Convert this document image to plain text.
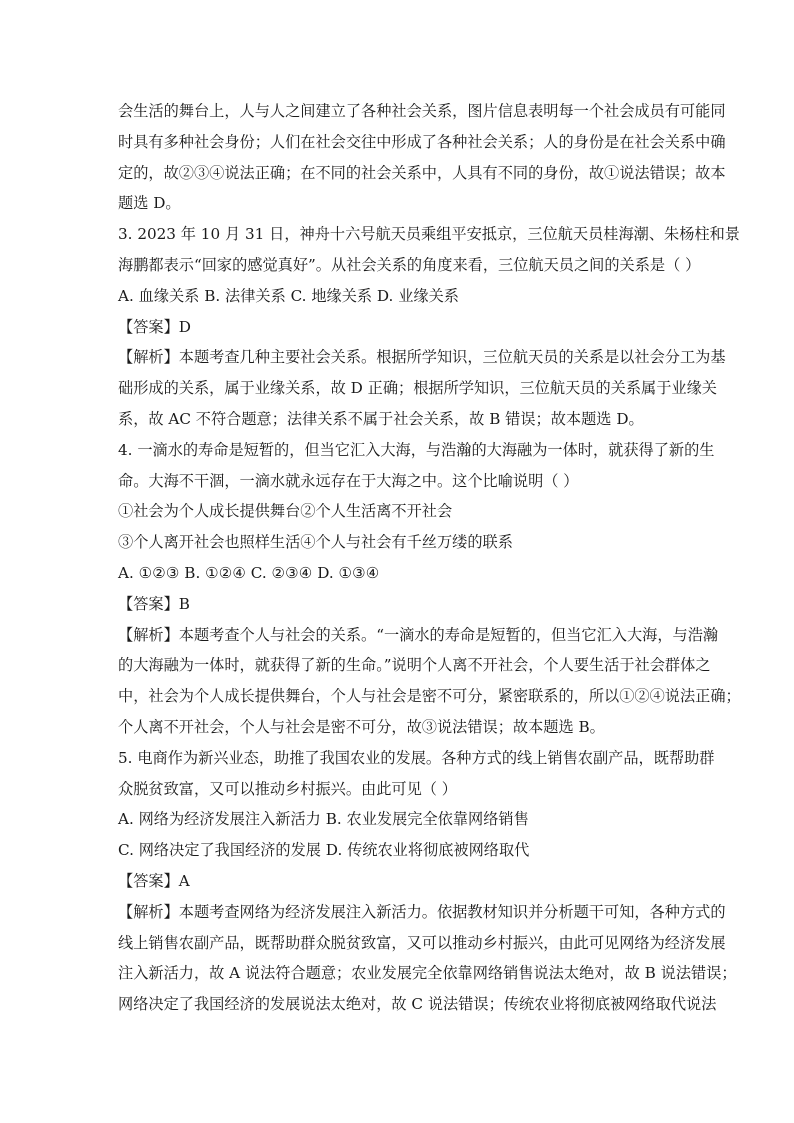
会生活的舞台上，人与人之间建立了各种社会关系，图片信息表明每一个社会成员有可能同
时具有多种社会身份；人们在社会交往中形成了各种社会关系；人的身份是在社会关系中确
定的，故②③④说法正确；在不同的社会关系中，人具有不同的身份，故①说法错误；故本
题选 D。
3. 2023 年 10 月 31 日，神舟十六号航天员乘组平安抵京，三位航天员桂海潮、朱杨柱和景
海鹏都表示“回家的感觉真好”。从社会关系的角度来看，三位航天员之间的关系是（ ）
A. 血缘关系 B. 法律关系 C. 地缘关系 D. 业缘关系
【答案】D
【解析】本题考查几种主要社会关系。根据所学知识，三位航天员的关系是以社会分工为基
础形成的关系，属于业缘关系，故 D 正确；根据所学知识，三位航天员的关系属于业缘关
系，故 AC 不符合题意；法律关系不属于社会关系，故 B 错误；故本题选 D。
4. 一滴水的寿命是短暂的，但当它汇入大海，与浩瀚的大海融为一体时，就获得了新的生
命。大海不干涸，一滴水就永远存在于大海之中。这个比喻说明（ ）
①社会为个人成长提供舞台②个人生活离不开社会
③个人离开社会也照样生活④个人与社会有千丝万缕的联系
A. ①②③ B. ①②④ C. ②③④ D. ①③④
【答案】B
【解析】本题考查个人与社会的关系。“一滴水的寿命是短暂的，但当它汇入大海，与浩瀚
的大海融为一体时，就获得了新的生命。”说明个人离不开社会，个人要生活于社会群体之
中，社会为个人成长提供舞台，个人与社会是密不可分，紧密联系的，所以①②④说法正确；
个人离不开社会，个人与社会是密不可分，故③说法错误；故本题选 B。
5. 电商作为新兴业态，助推了我国农业的发展。各种方式的线上销售农副产品，既帮助群
众脱贫致富，又可以推动乡村振兴。由此可见（ ）
A. 网络为经济发展注入新活力 B. 农业发展完全依靠网络销售
C. 网络决定了我国经济的发展 D. 传统农业将彻底被网络取代
【答案】A
【解析】本题考查网络为经济发展注入新活力。依据教材知识并分析题干可知，各种方式的
线上销售农副产品，既帮助群众脱贫致富，又可以推动乡村振兴，由此可见网络为经济发展
注入新活力，故 A 说法符合题意；农业发展完全依靠网络销售说法太绝对，故 B 说法错误；
网络决定了我国经济的发展说法太绝对，故 C 说法错误；传统农业将彻底被网络取代说法
